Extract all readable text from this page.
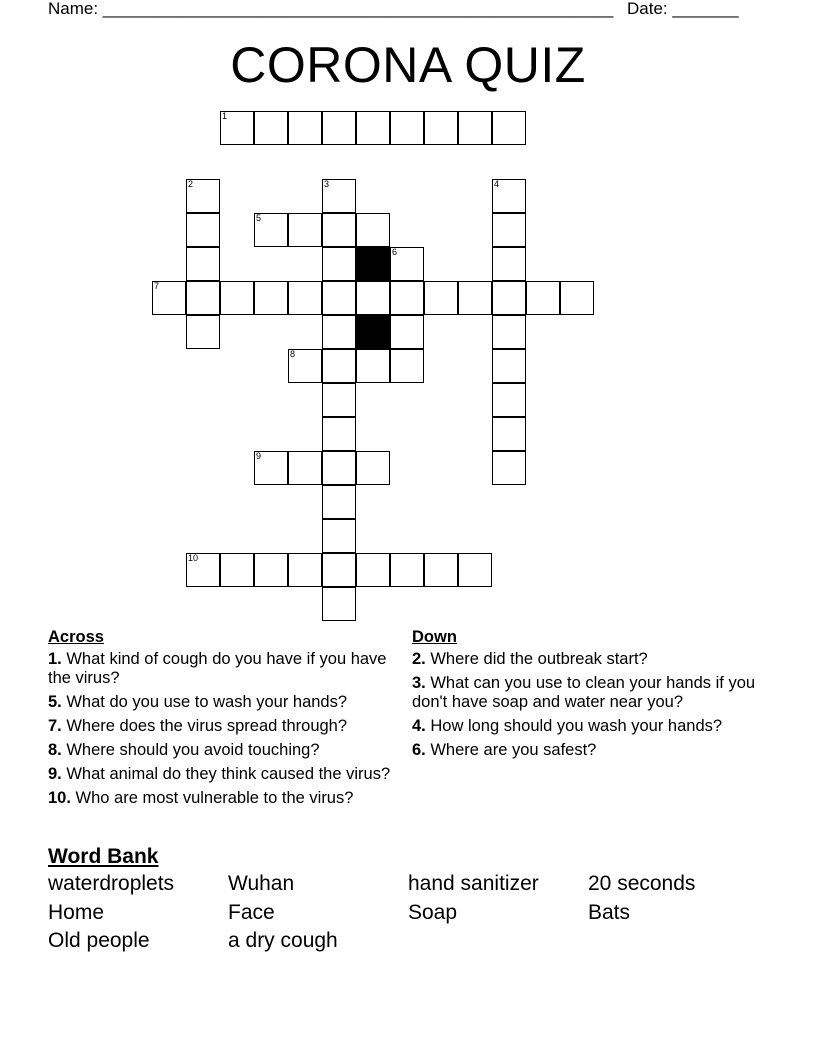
Name: ______________________________________________________ Date: _______
CORONA QUIZ
1
2	3	4
5
6
7
8
9
10
Across
1. What kind of cough do you have if you have the virus?
5. What do you use to wash your hands?
7. Where does the virus spread through?
8. Where should you avoid touching?
9. What animal do they think caused the virus?
10. Who are most vulnerable to the virus?
Down
2. Where did the outbreak start?
3. What can you use to clean your hands if you don't have soap and water near you?
4. How long should you wash your hands?
6. Where are you safest?
Word Bank
waterdroplets	Wuhan	hand sanitizer	20 seconds
Home	Face	Soap	Bats
Old people	a dry cough
